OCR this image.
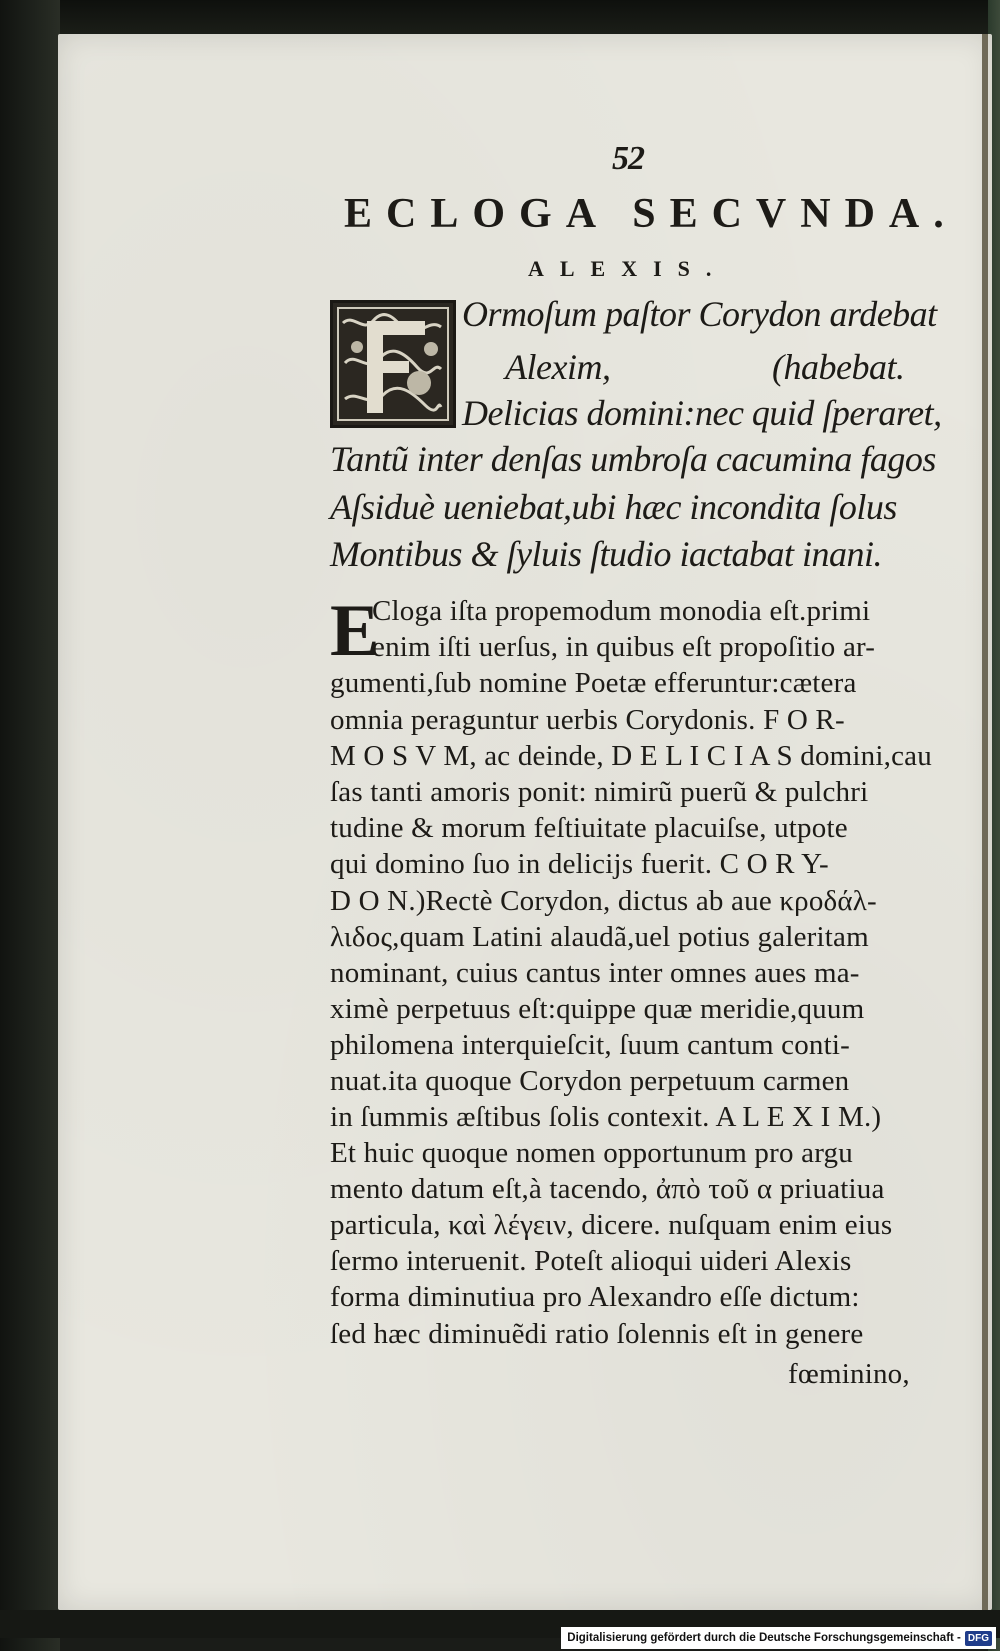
52
ECLOGA SECVNDA.
ALEXIS.
Ormoſum paſtor Corydon ardebat
Alexim,	(habebat.
Delicias domini:nec quid ſperaret,
Tantũ inter denſas umbroſa cacumina fagos
Aſsiduè ueniebat,ubi hæc incondita ſolus
Montibus & ſyluis ſtudio iactabat inani.
E
Cloga iſta propemodum monodia eſt.primi
enim iſti uerſus, in quibus eſt propoſitio ar-
gumenti,ſub nomine Poetæ efferuntur:cætera
omnia peraguntur uerbis Corydonis. F O R-
M O S V M, ac deinde, D E L I C I A S domini,cau
ſas tanti amoris ponit: nimirũ puerũ & pulchri
tudine & morum feſtiuitate placuiſse, utpote
qui domino ſuo in delicijs fuerit. C O R Y-
D O N.)Rectè Corydon, dictus ab aue κροδάλ-
λιδος,quam Latini alaudã,uel potius galeritam
nominant, cuius cantus inter omnes aues ma-
ximè perpetuus eſt:quippe quæ meridie,quum
philomena interquieſcit, ſuum cantum conti-
nuat.ita quoque Corydon perpetuum carmen
in ſummis æſtibus ſolis contexit. A L E X I M.)
Et huic quoque nomen opportunum pro argu
mento datum eſt,à tacendo, ἀπὸ τοῦ α priuatiua
particula, καὶ λέγειν, dicere. nuſquam enim eius
ſermo interuenit. Poteſt alioqui uideri Alexis
forma diminutiua pro Alexandro eſſe dictum:
ſed hæc diminuẽdi ratio ſolennis eſt in genere
fœminino,
Digitalisierung gefördert durch die Deutsche Forschungsgemeinschaft - DFG
